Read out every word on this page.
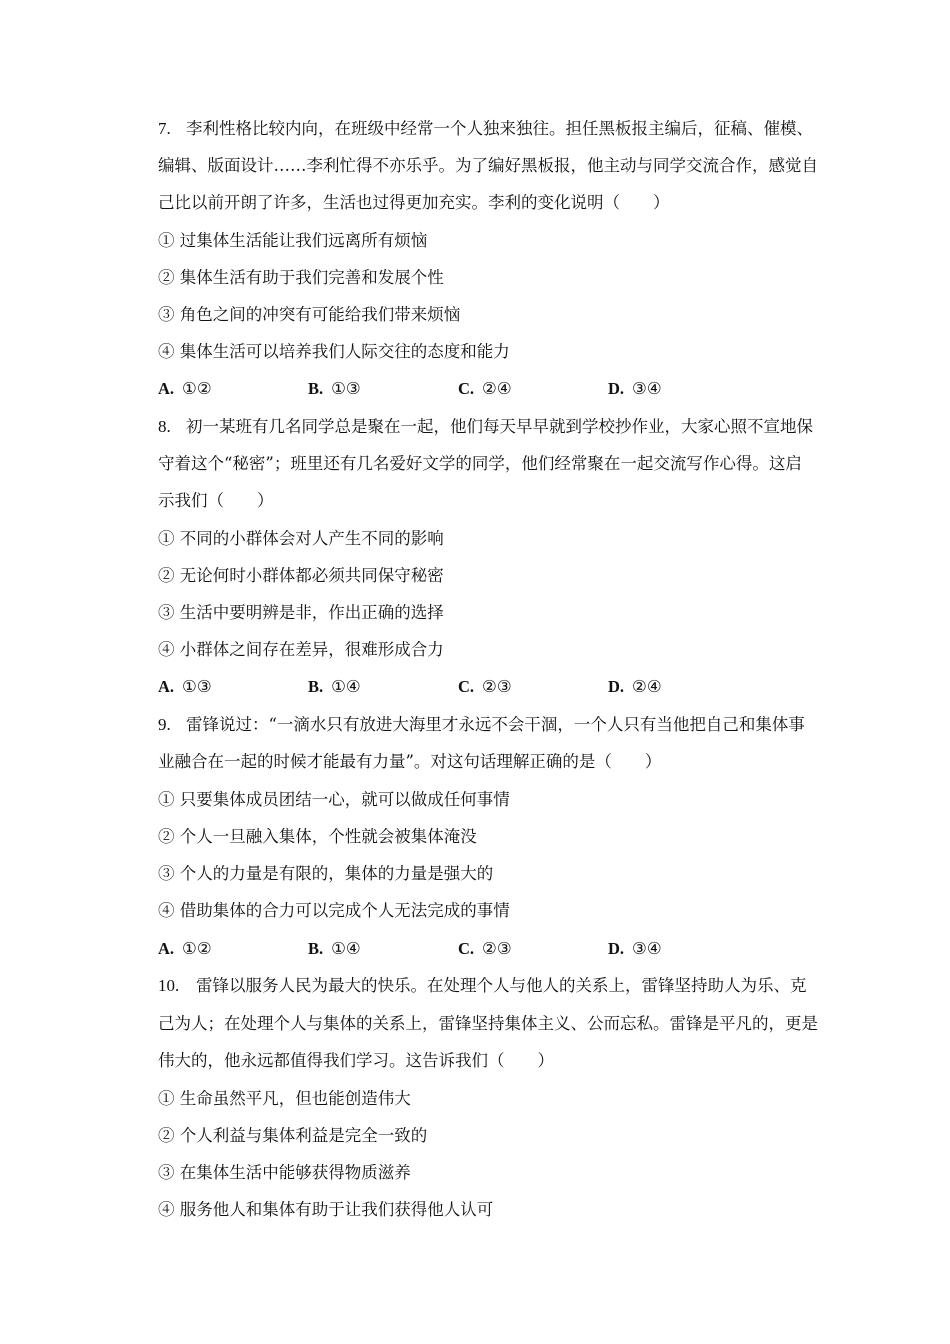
7. 李利性格比较内向，在班级中经常一个人独来独往。担任黑板报主编后，征稿、催模、
编辑、版面设计……李利忙得不亦乐乎。为了编好黑板报，他主动与同学交流合作，感觉自
己比以前开朗了许多，生活也过得更加充实。李利的变化说明（　　）
① 过集体生活能让我们远离所有烦恼
② 集体生活有助于我们完善和发展个性
③ 角色之间的冲突有可能给我们带来烦恼
④ 集体生活可以培养我们人际交往的态度和能力
A. ①②	B. ①③	C. ②④	D. ③④
8. 初一某班有几名同学总是聚在一起，他们每天早早就到学校抄作业，大家心照不宣地保
守着这个“秘密”；班里还有几名爱好文学的同学，他们经常聚在一起交流写作心得。这启
示我们（　　）
① 不同的小群体会对人产生不同的影响
② 无论何时小群体都必须共同保守秘密
③ 生活中要明辨是非，作出正确的选择
④ 小群体之间存在差异，很难形成合力
A. ①③	B. ①④	C. ②③	D. ②④
9. 雷锋说过：“一滴水只有放进大海里才永远不会干涸，一个人只有当他把自己和集体事
业融合在一起的时候才能最有力量”。对这句话理解正确的是（　　）
① 只要集体成员团结一心，就可以做成任何事情
② 个人一旦融入集体，个性就会被集体淹没
③ 个人的力量是有限的，集体的力量是强大的
④ 借助集体的合力可以完成个人无法完成的事情
A. ①②	B. ①④	C. ②③	D. ③④
10. 雷锋以服务人民为最大的快乐。在处理个人与他人的关系上，雷锋坚持助人为乐、克
己为人；在处理个人与集体的关系上，雷锋坚持集体主义、公而忘私。雷锋是平凡的，更是
伟大的，他永远都值得我们学习。这告诉我们（　　）
① 生命虽然平凡，但也能创造伟大
② 个人利益与集体利益是完全一致的
③ 在集体生活中能够获得物质滋养
④ 服务他人和集体有助于让我们获得他人认可
